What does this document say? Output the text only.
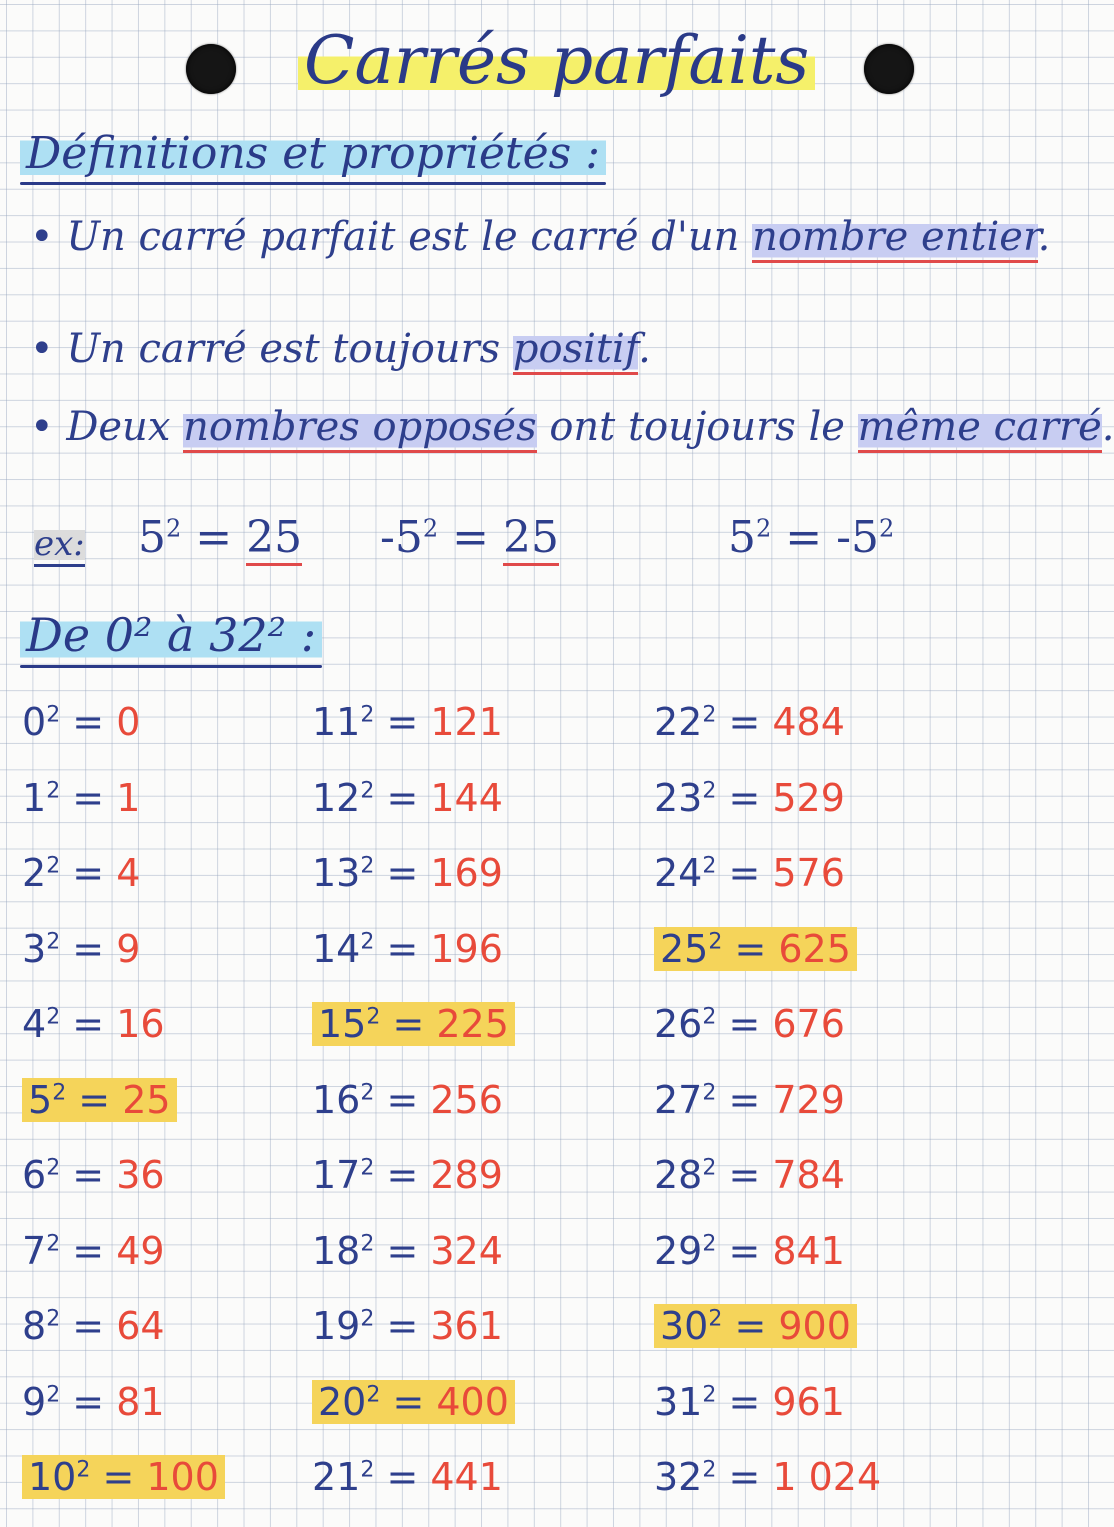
Carrés parfaits
Définitions et propriétés :
• Un carré parfait est le carré d'un nombre entier.
• Un carré est toujours positif.
• Deux nombres opposés ont toujours le même carré.
ex: $5^2 = 25$ $-5^2 = 25$	$5^2 = -5^2$
De 0² à 32² :
$0^2 = 0$
$1^2 = 1$
$2^2 = 4$
$3^2 = 9$
$4^2 = 16$
$5^2 = 25$
$6^2 = 36$
$7^2 = 49$
$8^2 = 64$
$9^2 = 81$
$10^2 = 100$
$11^2 = 121$
$12^2 = 144$
$13^2 = 169$
$14^2 = 196$
$15^2 = 225$
$16^2 = 256$
$17^2 = 289$
$18^2 = 324$
$19^2 = 361$
$20^2 = 400$
$21^2 = 441$
$22^2 = 484$
$23^2 = 529$
$24^2 = 576$
$25^2 = 625$
$26^2 = 676$
$27^2 = 729$
$28^2 = 784$
$29^2 = 841$
$30^2 = 900$
$31^2 = 961$
$32^2 = 1$ 024
